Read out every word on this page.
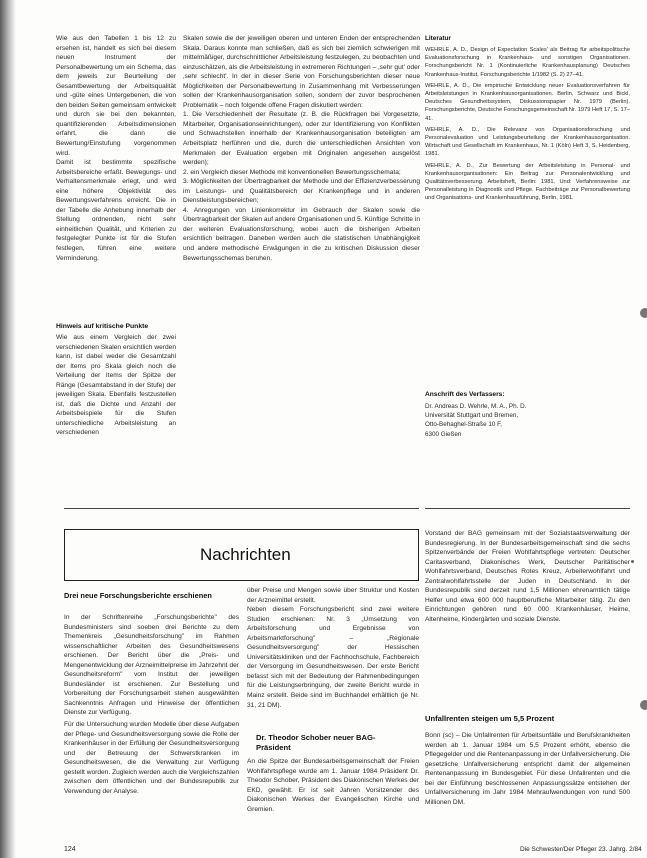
Wie aus den Tabellen 1 bis 12 zu ersehen ist, handelt es sich bei diesem neuen Instrument der Personalbewertung um ein Schema, das dem jeweils zur Beurteilung der Gesamtbewertung der Arbeitsqualität und -güte eines Untergebenen, die von den beiden Seiten gemeinsam entwickelt und durch sie bei den bekannten, quantifizierenden Arbeitsdimensionen erfahrt, die dann die Bewertung/Einstufung vorgenommen wird.

Damit ist bestimmte spezifische Arbeitsbereiche erfaßt. Bewegungs- und Verhaltensmerkmale erlegt, und wird eine höhere Objektivität des Bewertungsverfahrens erreicht. Die in der Tabelle die Anhebung innerhalb der Stellung ordnenden, nicht sehr einheitlichen Qualität, und Kriterien zu festgelegter Punkte ist für die Stufen festlegen, führen eine weitere Verminderung.

Hinweis auf kritische Punkte

Wie aus einem Vergleich der zwei verschiedenen Skalen ersichtlich werden kann, ist dabei weder die Gesamtzahl der Items pro Skala gleich noch die Verteilung der Items der Spitze der Ränge (Gesamtabstand in der Stufe) der jeweiligen Skala. Ebenfalls festzustellen ist, daß die Dichte und Anzahl der Arbeitsbeispiele für die Stufen unterschiedliche Arbeitsleistung an verschiedenen

Skalen sowie die der jeweiligen oberen und unteren Enden der entsprechenden Skala. Daraus konnte man schließen, daß es sich bei ziemlich schwierigen mit mittelmäßiger, durchschnittlicher Arbeitsleistung festzulegen, zu beobachten und einzuschätzen, als die Arbeitsleistung in extremeren Richtungen – ‚sehr gut' oder ‚sehr schlecht'. In der in dieser Serie von Forschungsberichten dieser neue Möglichkeiten der Personalbewertung in Zusammenhang mit Verbesserungen sollen der Krankenhausorganisation sollen, sondern der zuvor besprochenen Problematik – noch folgende offene Fragen diskutiert werden:

1. Die Verschiedenheit der Resultate (z. B. die Rückfragen bei Vorgesetzte, Mitarbeiter, Organisationseinrichtungen), oder zur Identifizierung von Konflikten und Schwachstellen innerhalb der Krankenhausorganisation beteiligten am Arbeitsplatz herführen und die, durch die unterschiedlichen Ansichten von Merkmalen der Evaluation ergeben mit Originalen angesehen ausgelöst werden);

2. ein Vergleich dieser Methode mit konventionellen Bewertungsschemata;

3. Möglichkeiten der Übertragbarkeit der Methode und der Effizienzverbesserung im Leistungs- und Qualitätsbereich der Krankenpflege und in anderen Dienstleistungsbereichen;

4. Anregungen von Linienkorrektur im Gebrauch der Skalen sowie die Übertragbarkeit der Skalen auf andere Organisationen und 5. Künftige Schritte in der weiteren Evaluationsforschung, wobei auch die bisherigen Arbeiten ersichtlich beitragen. Daneben werden auch die statistischen Unabhängigkeit und andere methodische Erwägungen in die zu kritischen Diskussion dieser Bewertungsschemas beruhen.

Literatur

WEHRLE, A. D., Design of Expectation Scales' als Beitrag für arbeitspolitische Evaluationsforschung in Krankenhaus- und sonstigen Organisationen. Forschungsbericht Nr. 1 (Kontinuierliche Krankenhausplanung) Deutsches Krankenhaus-Institut, Forschungsberichte 1/1982 (S. 2) 27–41.

WEHRLE, A. D., Die empirische Entwicklung neuer Evaluationsverfahren für Arbeitsleistungen in Krankenhausorganisationen. Berlin, Schwarz und Bickl, Deutsches Gesundheitssystem, Diskussionspapier Nr. 1979 (Berlin). Forschungsberichte, Deutsche Forschungsgemeinschaft Nr. 1979 Heft 17, S. 17–41.

WEHRLE, A. D., Die Relevanz von Organisationsforschung und Personalevaluation und Leistungsbeurteilung der Krankenhausorganisation. Wirtschaft und Gesellschaft im Krankenhaus, Nr. 1 (Köln) Heft 3, S. Heidenberg, 1981.

WEHRLE, A. D., Zur Bewertung der Arbeitsleistung in Personal- und Krankenhausorganisationen: Ein Beitrag zur Personalentwicklung und Qualitätsverbesserung. Arbeitsheft, Berlin: 1981. Und: Verfahrensweise zur Personalleistung in Diagnostik und Pflege. Fachbeiträge zur Personalbewertung und Organisations- und Krankenhausführung, Berlin, 1981.

Anschrift des Verfassers:
Dr. Andreas D. Wehrle, M. A., Ph. D.
Universität Stuttgart und Bremen,
Otto-Behaghel-Straße 10 F,
6300 Gießen
Nachrichten
Drei neue Forschungsberichte erschienen

In der Schriftenreihe „Forschungsberichte" des Bundesministers sind soeben drei Berichte zu dem Themenkreis „Gesundheitsforschung" im Rahmen wissenschaftlicher Arbeiten des Gesundheitswesens erschienen. Der Bericht über die „Preis- und Mengenentwicklung der Arzneimittelpreise im Jahrzehnt der Gesundheitsreform" vom Institut der jeweiligen Bundesländer ist erschienen. Zur Bestellung und Vorbereitung der Forschungsarbeit stehen ausgewählten Sachkenntnis Anfragen und Hinweise der öffentlichen Dienste zur Verfügung.

Für die Untersuchung wurden Modelle über diese Aufgaben der Pflege- und Gesundheitsversorgung sowie die Rolle der Krankenhäuser in der Erfüllung der Gesundheitsversorgung und der Betreuung der Schwerstkranken im Gesundheitswesen, die die Verwaltung zur Verfügung gestellt worden. Zugleich werden auch die Vergleichszahlen zwischen dem öffentlichen und der Bundesrepublik zur Verwendung der Analyse.

über Preise und Mengen sowie über Struktur und Kosten der Arzneimittel erstellt.

Neben diesem Forschungsbericht sind zwei weitere Studien erschienen: Nr. 3 „Umsetzung von Arbeitsforschung und Ergebnisse von Arbeitsmarktforschung" – „Regionale Gesundheitsversorgung" der Hessischen Universitätskliniken und der Fachhochschule, Fachbereich der Versorgung im Gesundheitswesen. Der erste Bericht befasst sich mit der Bedeutung der Rahmenbedingungen für die Leistungserbringung, der zweite Bericht wurde in Mainz erstellt. Beide sind im Buchhandel erhältlich (je Nr. 31, 21 DM).

Dr. Theodor Schober neuer BAG-Präsident

An die Spitze der Bundesarbeitsgemeinschaft der Freien Wohlfahrtspflege wurde am 1. Januar 1984 Präsident Dr. Theodor Schober, Präsident des Diakonischen Werkes der EKD, gewählt. Er ist seit Jahren Vorsitzender des Diakonischen Werkes der Evangelischen Kirche und Gremien.

Vorstand der BAG gemeinsam mit der Sozialstaatsverwaltung der Bundesregierung. In der Bundesarbeitsgemeinschaft sind die sechs Spitzenverbände der Freien Wohlfahrtspflege vertreten: Deutscher Caritasverband, Diakonisches Werk, Deutscher Paritätischer Wohlfahrtsverband, Deutsches Rotes Kreuz, Arbeiterwohlfahrt und Zentralwohlfahrtsstelle der Juden in Deutschland. In der Bundesrepublik sind derzeit rund 1,5 Millionen ehrenamtlich tätige Helfer und etwa 600 000 hauptberufliche Mitarbeiter tätig. Zu den Einrichtungen gehören rund 60 000 Krankenhäuser, Heime, Altenheime, Kindergärten und soziale Dienste.

Unfallrenten steigen um 5,5 Prozent

Bonn (sc) – Die Unfallrenten für Arbeitsunfälle und Berufskrankheiten werden ab 1. Januar 1984 um 5,5 Prozent erhöht, ebenso die Pflegegelder und die Rentenanpassung in der Unfallversicherung. Die gesetzliche Unfallversicherung entspricht damit der allgemeinen Rentenanpassung im Bundesgebiet. Für diese Unfallrenten und die bei der Einführung beschlossenen Anpassungssätze entstehen der Unfallversicherung im Jahr 1984 Mehraufwendungen von rund 500 Millionen DM.

124	Die Schwester/Der Pfleger 23. Jahrg. 2/84
